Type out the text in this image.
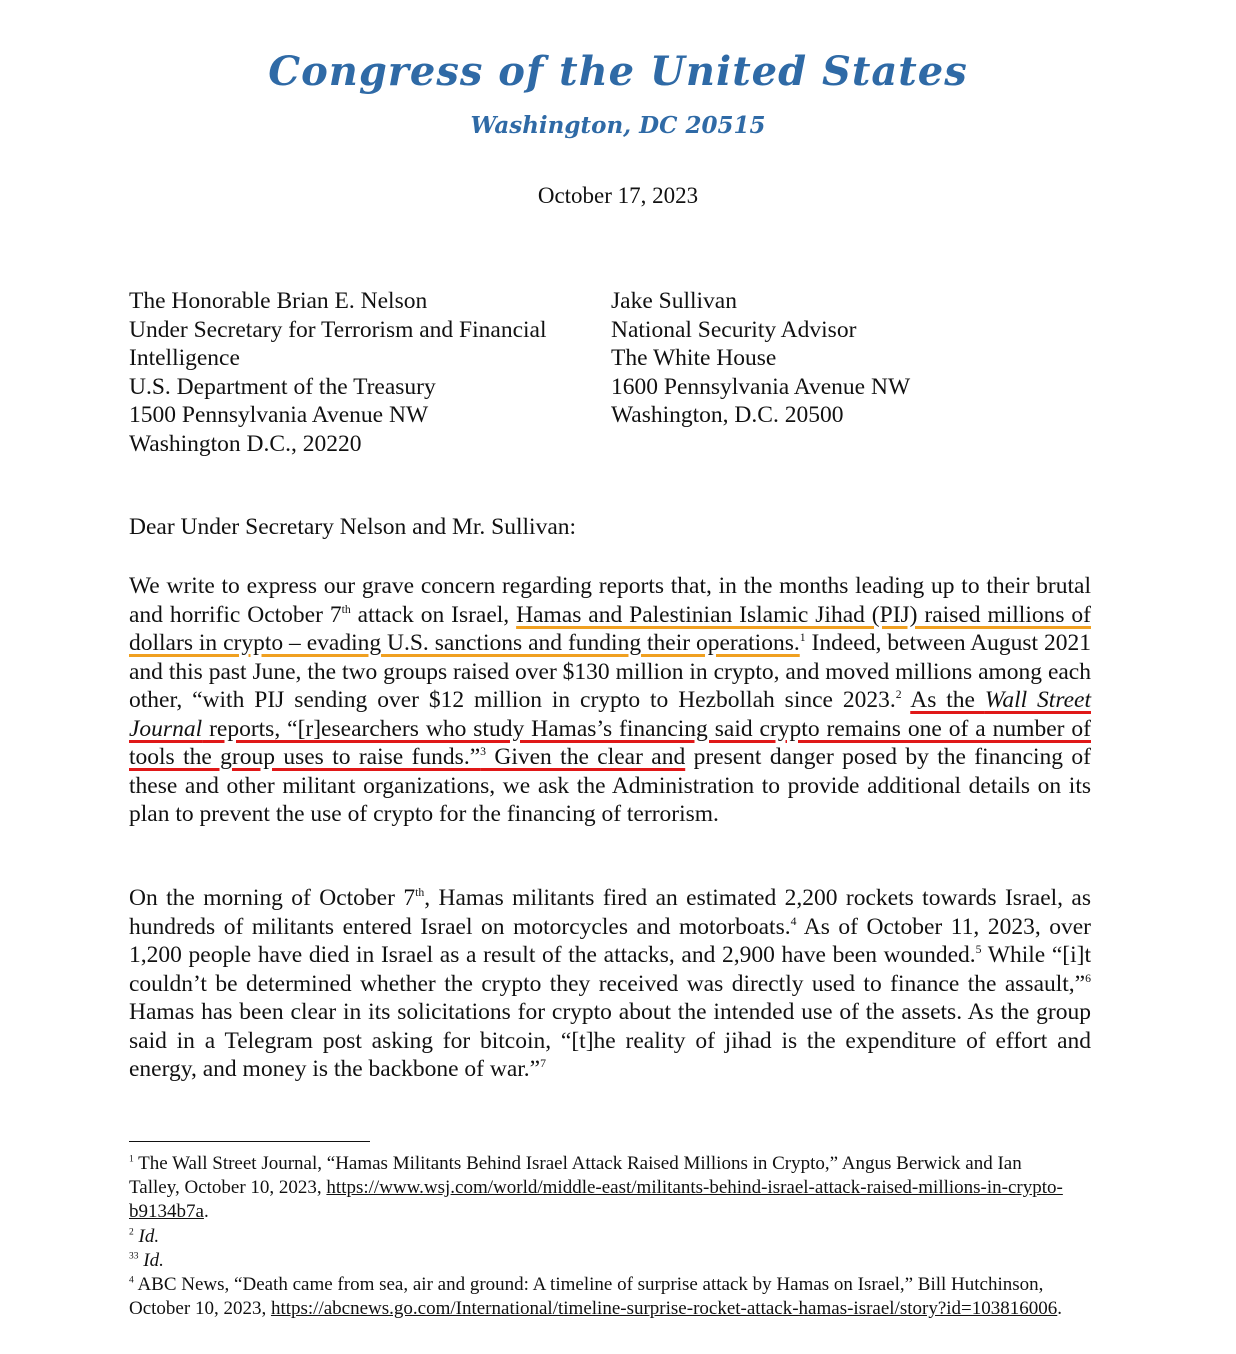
Congress of the United States
Washington, DC 20515
October 17, 2023
The Honorable Brian E. Nelson
Under Secretary for Terrorism and Financial
Intelligence
U.S. Department of the Treasury
1500 Pennsylvania Avenue NW
Washington D.C., 20220
Jake Sullivan
National Security Advisor
The White House
1600 Pennsylvania Avenue NW
Washington, D.C. 20500
Dear Under Secretary Nelson and Mr. Sullivan:

We write to express our grave concern regarding reports that, in the months leading up to their brutal and horrific October 7th attack on Israel, Hamas and Palestinian Islamic Jihad (PIJ) raised millions of dollars in crypto – evading U.S. sanctions and funding their operations.$^1$ Indeed, between August 2021 and this past June, the two groups raised over $130 million in crypto, and moved millions among each other, “with PIJ sending over $12 million in crypto to Hezbollah since 2023.$^2$ As the Wall Street Journal reports, “[r]esearchers who study Hamas’s financing said crypto remains one of a number of tools the group uses to raise funds.”$^3$ Given the clear and present danger posed by the financing of these and other militant organizations, we ask the Administration to provide additional details on its plan to prevent the use of crypto for the financing of terrorism.

On the morning of October 7th, Hamas militants fired an estimated 2,200 rockets towards Israel, as hundreds of militants entered Israel on motorcycles and motorboats.$^4$ As of October 11, 2023, over 1,200 people have died in Israel as a result of the attacks, and 2,900 have been wounded.$^5$ While “[i]t couldn’t be determined whether the crypto they received was directly used to finance the assault,”$^6$ Hamas has been clear in its solicitations for crypto about the intended use of the assets. As the group said in a Telegram post asking for bitcoin, “[t]he reality of jihad is the expenditure of effort and energy, and money is the backbone of war.”$^7$

$^1$ The Wall Street Journal, “Hamas Militants Behind Israel Attack Raised Millions in Crypto,” Angus Berwick and Ian Talley, October 10, 2023, https://www.wsj.com/world/middle-east/militants-behind-israel-attack-raised-millions-in-crypto-b9134b7a.

$^2$ Id.

$^{33}$ Id.

$^4$ ABC News, “Death came from sea, air and ground: A timeline of surprise attack by Hamas on Israel,” Bill Hutchinson, October 10, 2023, https://abcnews.go.com/International/timeline-surprise-rocket-attack-hamas-israel/story?id=103816006.
